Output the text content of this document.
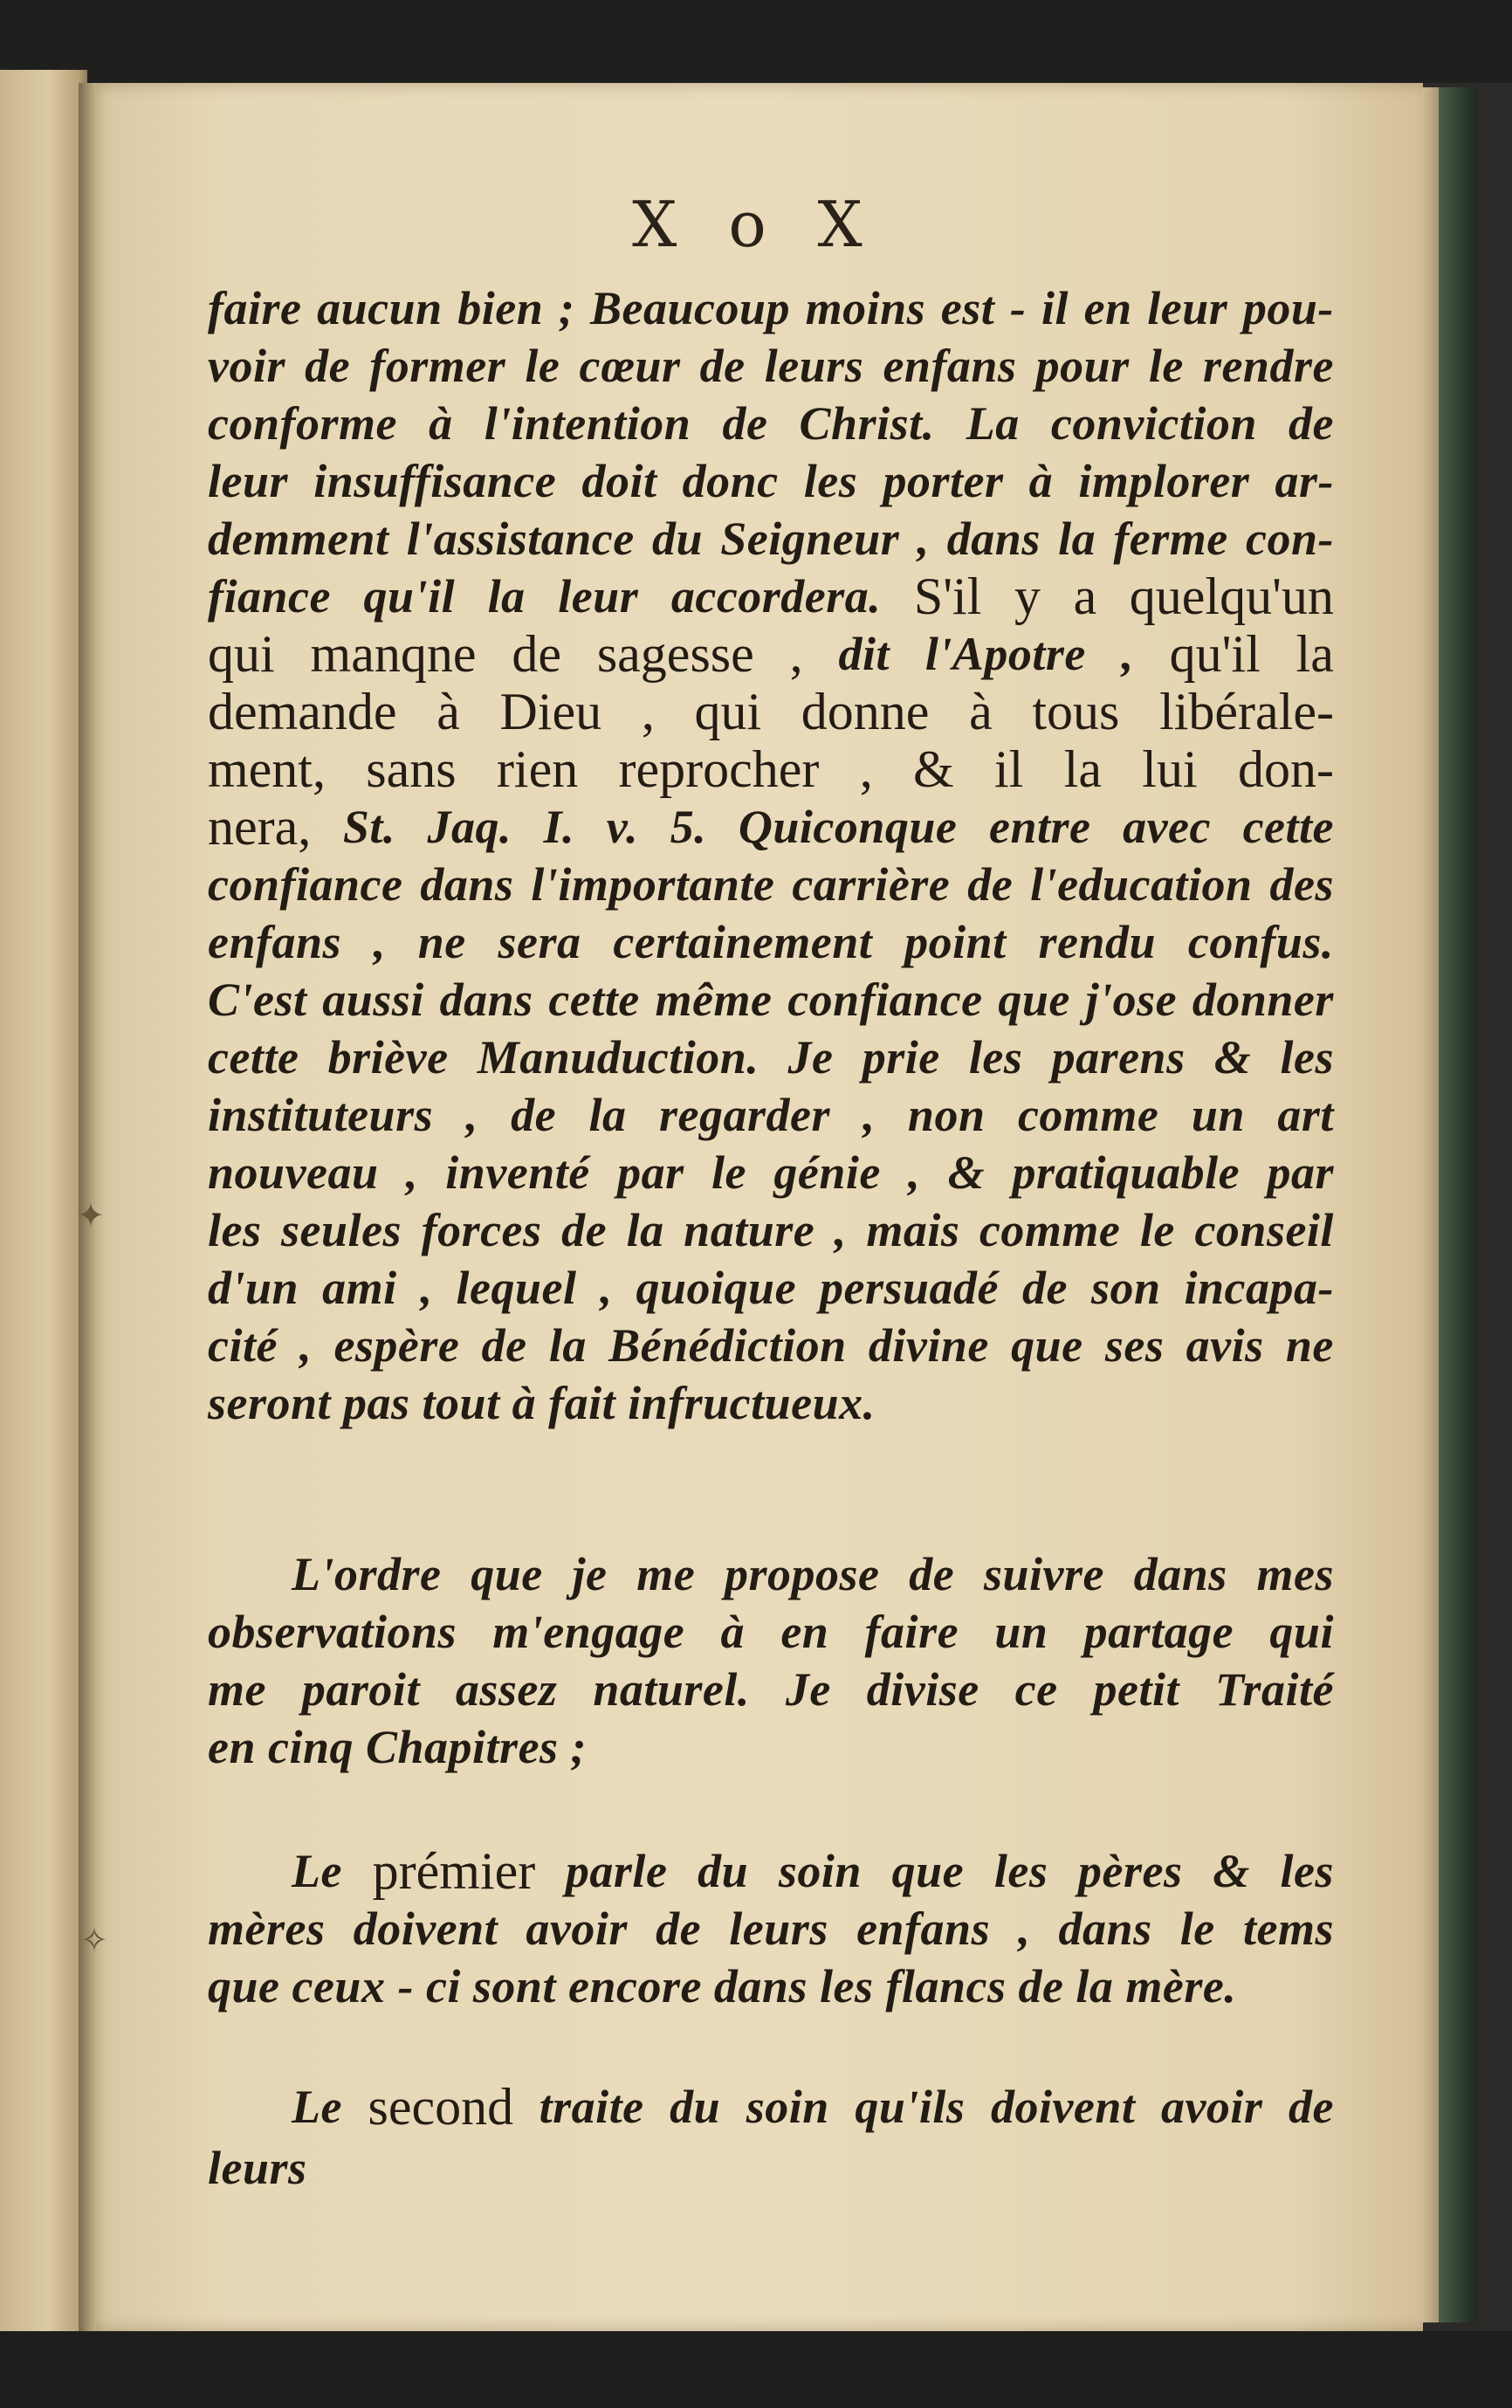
✦
✧
X o X
faire aucun bien ; Beaucoup moins est - il en leur pou-
voir de former le cœur de leurs enfans pour le rendre
conforme à l'intention de Christ. La conviction de
leur insuffisance doit donc les porter à implorer ar-
demment l'assistance du Seigneur , dans la ferme con-
fiance qu'il la leur accordera. S'il y a quelqu'un
qui manqne de sagesse , dit l'Apotre , qu'il la
demande à Dieu , qui donne à tous libérale-
ment, sans rien reprocher , & il la lui don-
nera, St. Jaq. I. v. 5. Quiconque entre avec cette
confiance dans l'importante carrière de l'education des
enfans , ne sera certainement point rendu confus.
C'est aussi dans cette même confiance que j'ose donner
cette briève Manuduction. Je prie les parens & les
instituteurs , de la regarder , non comme un art
nouveau , inventé par le génie , & pratiquable par
les seules forces de la nature , mais comme le conseil
d'un ami , lequel , quoique persuadé de son incapa-
cité , espère de la Bénédiction divine que ses avis ne
seront pas tout à fait infructueux.
L'ordre que je me propose de suivre dans mes
observations m'engage à en faire un partage qui
me paroit assez naturel. Je divise ce petit Traité
en cinq Chapitres ;
Le prémier parle du soin que les pères & les
mères doivent avoir de leurs enfans , dans le tems
que ceux - ci sont encore dans les flancs de la mère.
Le second traite du soin qu'ils doivent avoir de
leurs
